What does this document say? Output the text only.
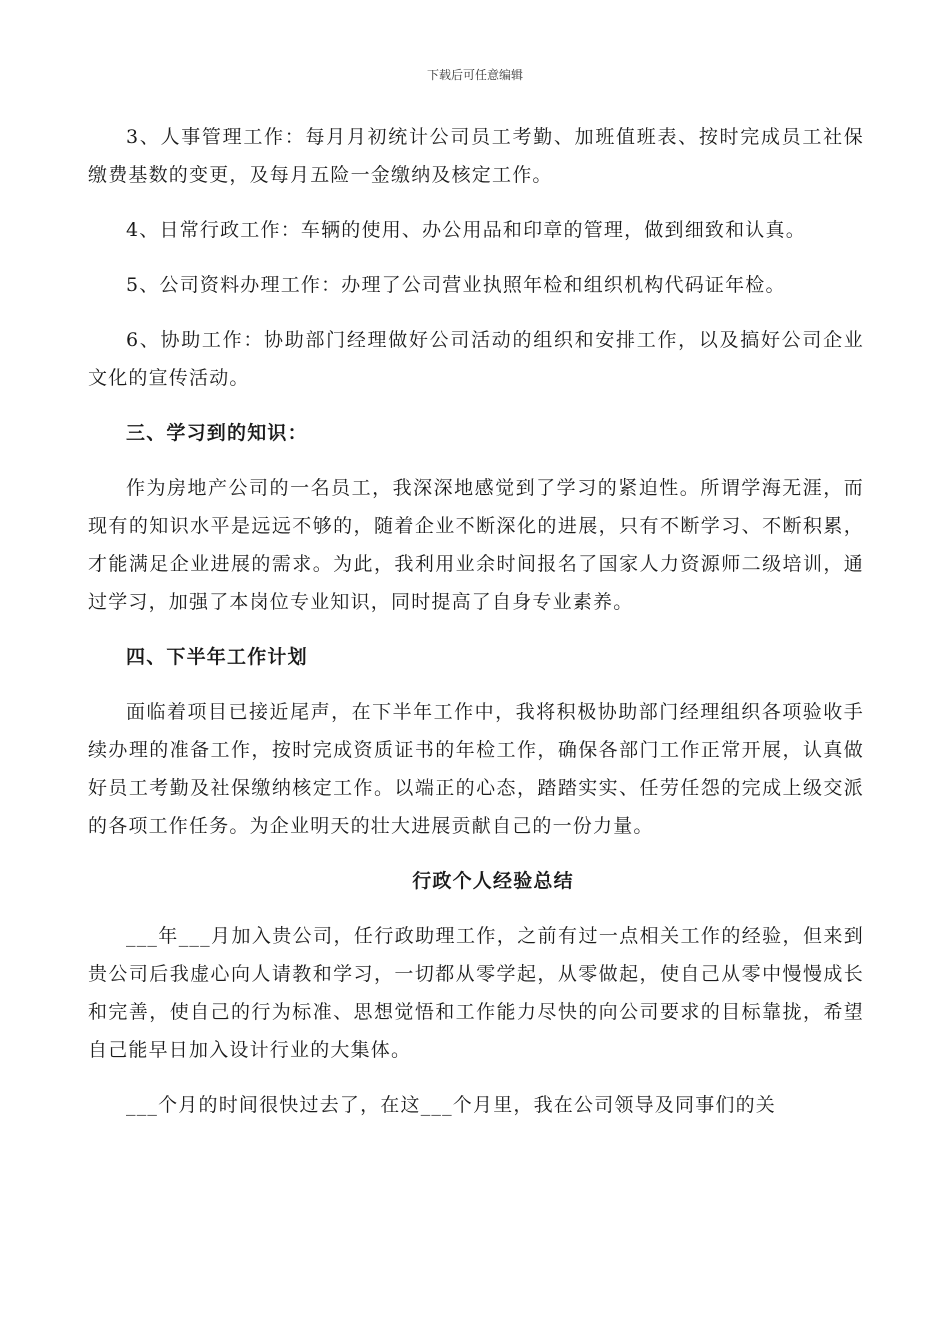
下载后可任意编辑

3、人事管理工作：每月月初统计公司员工考勤、加班值班表、按时完成员工社保缴费基数的变更，及每月五险一金缴纳及核定工作。

4、日常行政工作：车辆的使用、办公用品和印章的管理，做到细致和认真。

5、公司资料办理工作：办理了公司营业执照年检和组织机构代码证年检。

6、协助工作：协助部门经理做好公司活动的组织和安排工作，以及搞好公司企业文化的宣传活动。

三、学习到的知识：

作为房地产公司的一名员工，我深深地感觉到了学习的紧迫性。所谓学海无涯，而现有的知识水平是远远不够的，随着企业不断深化的进展，只有不断学习、不断积累，才能满足企业进展的需求。为此，我利用业余时间报名了国家人力资源师二级培训，通过学习，加强了本岗位专业知识，同时提高了自身专业素养。

四、下半年工作计划

面临着项目已接近尾声，在下半年工作中，我将积极协助部门经理组织各项验收手续办理的准备工作，按时完成资质证书的年检工作，确保各部门工作正常开展，认真做好员工考勤及社保缴纳核定工作。以端正的心态，踏踏实实、任劳任怨的完成上级交派的各项工作任务。为企业明天的壮大进展贡献自己的一份力量。

行政个人经验总结

___年___月加入贵公司，任行政助理工作，之前有过一点相关工作的经验，但来到贵公司后我虚心向人请教和学习，一切都从零学起，从零做起，使自己从零中慢慢成长和完善，使自己的行为标准、思想觉悟和工作能力尽快的向公司要求的目标靠拢，希望自己能早日加入设计行业的大集体。

___个月的时间很快过去了，在这___个月里，我在公司领导及同事们的关
